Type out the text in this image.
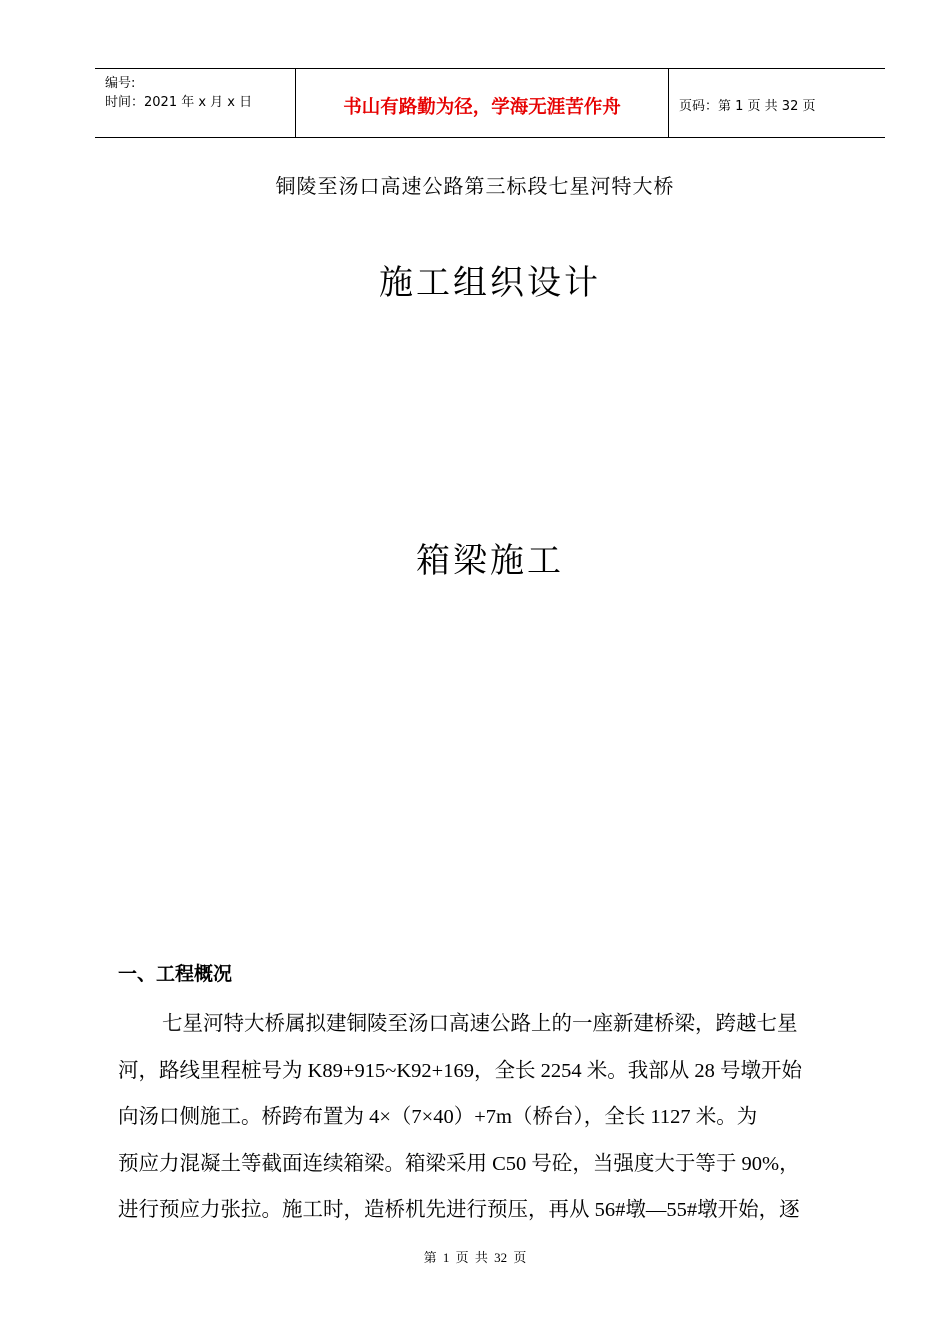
编号:
时间：2021 年 x 月 x 日	书山有路勤为径，学海无涯苦作舟	页码：第 1 页 共 32 页
铜陵至汤口高速公路第三标段七星河特大桥
施工组织设计
箱梁施工
一、工程概况

七星河特大桥属拟建铜陵至汤口高速公路上的一座新建桥梁，跨越七星
河，路线里程桩号为 K89+915~K92+169，全长 2254 米。我部从 28 号墩开始
向汤口侧施工。桥跨布置为 4×（7×40）+7m（桥台），全长 1127 米。为
预应力混凝土等截面连续箱梁。箱梁采用 C50 号砼，当强度大于等于 90%，
进行预应力张拉。施工时，造桥机先进行预压，再从 56#墩—55#墩开始，逐

第 1 页 共 32 页
